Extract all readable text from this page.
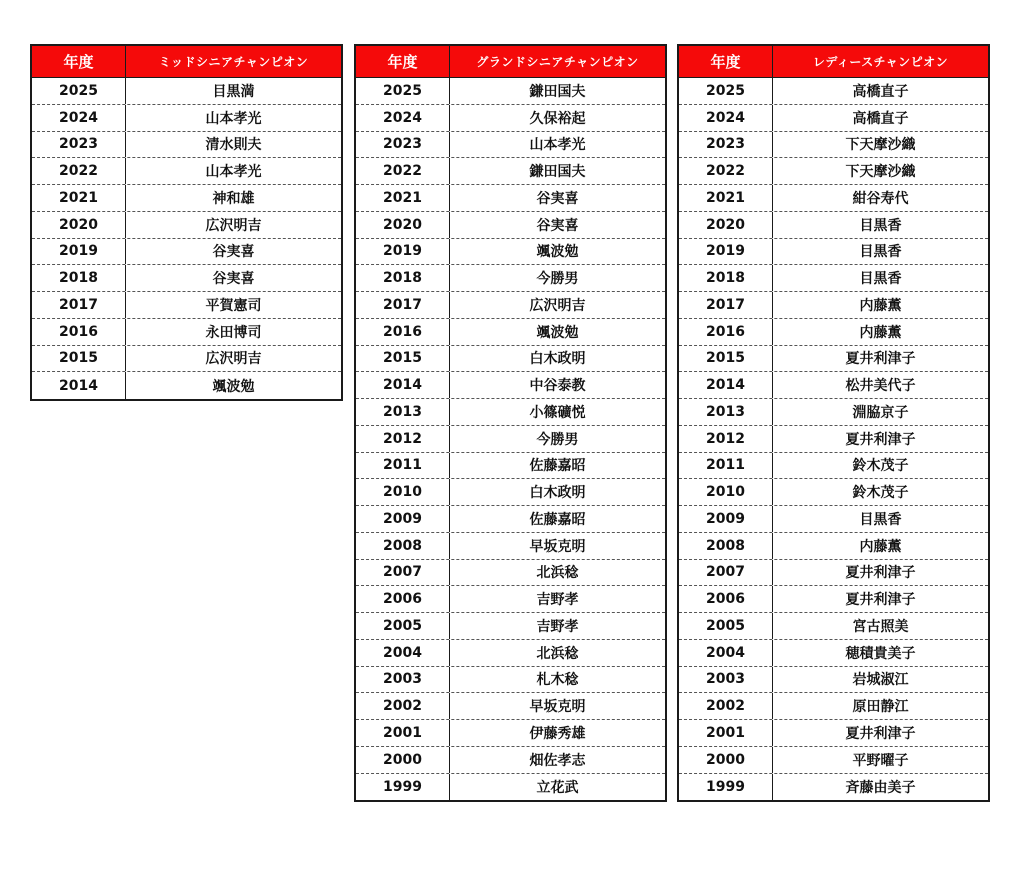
年度	ミッドシニアチャンピオン
2025	目黒満
2024	山本孝光
2023	清水則夫
2022	山本孝光
2021	神和雄
2020	広沢明吉
2019	谷実喜
2018	谷実喜
2017	平賀憲司
2016	永田博司
2015	広沢明吉
2014	颯波勉
年度	グランドシニアチャンピオン
2025	鎌田国夫
2024	久保裕起
2023	山本孝光
2022	鎌田国夫
2021	谷実喜
2020	谷実喜
2019	颯波勉
2018	今勝男
2017	広沢明吉
2016	颯波勉
2015	白木政明
2014	中谷泰教
2013	小篠礦悦
2012	今勝男
2011	佐藤嘉昭
2010	白木政明
2009	佐藤嘉昭
2008	早坂克明
2007	北浜稔
2006	吉野孝
2005	吉野孝
2004	北浜稔
2003	札木稔
2002	早坂克明
2001	伊藤秀雄
2000	畑佐孝志
1999	立花武
年度	レディースチャンピオン
2025	高橋直子
2024	高橋直子
2023	下天摩沙織
2022	下天摩沙織
2021	紺谷寿代
2020	目黒香
2019	目黒香
2018	目黒香
2017	内藤薫
2016	内藤薫
2015	夏井利津子
2014	松井美代子
2013	淵脇京子
2012	夏井利津子
2011	鈴木茂子
2010	鈴木茂子
2009	目黒香
2008	内藤薫
2007	夏井利津子
2006	夏井利津子
2005	宮古照美
2004	穂積貴美子
2003	岩城淑江
2002	原田静江
2001	夏井利津子
2000	平野曜子
1999	斉藤由美子
